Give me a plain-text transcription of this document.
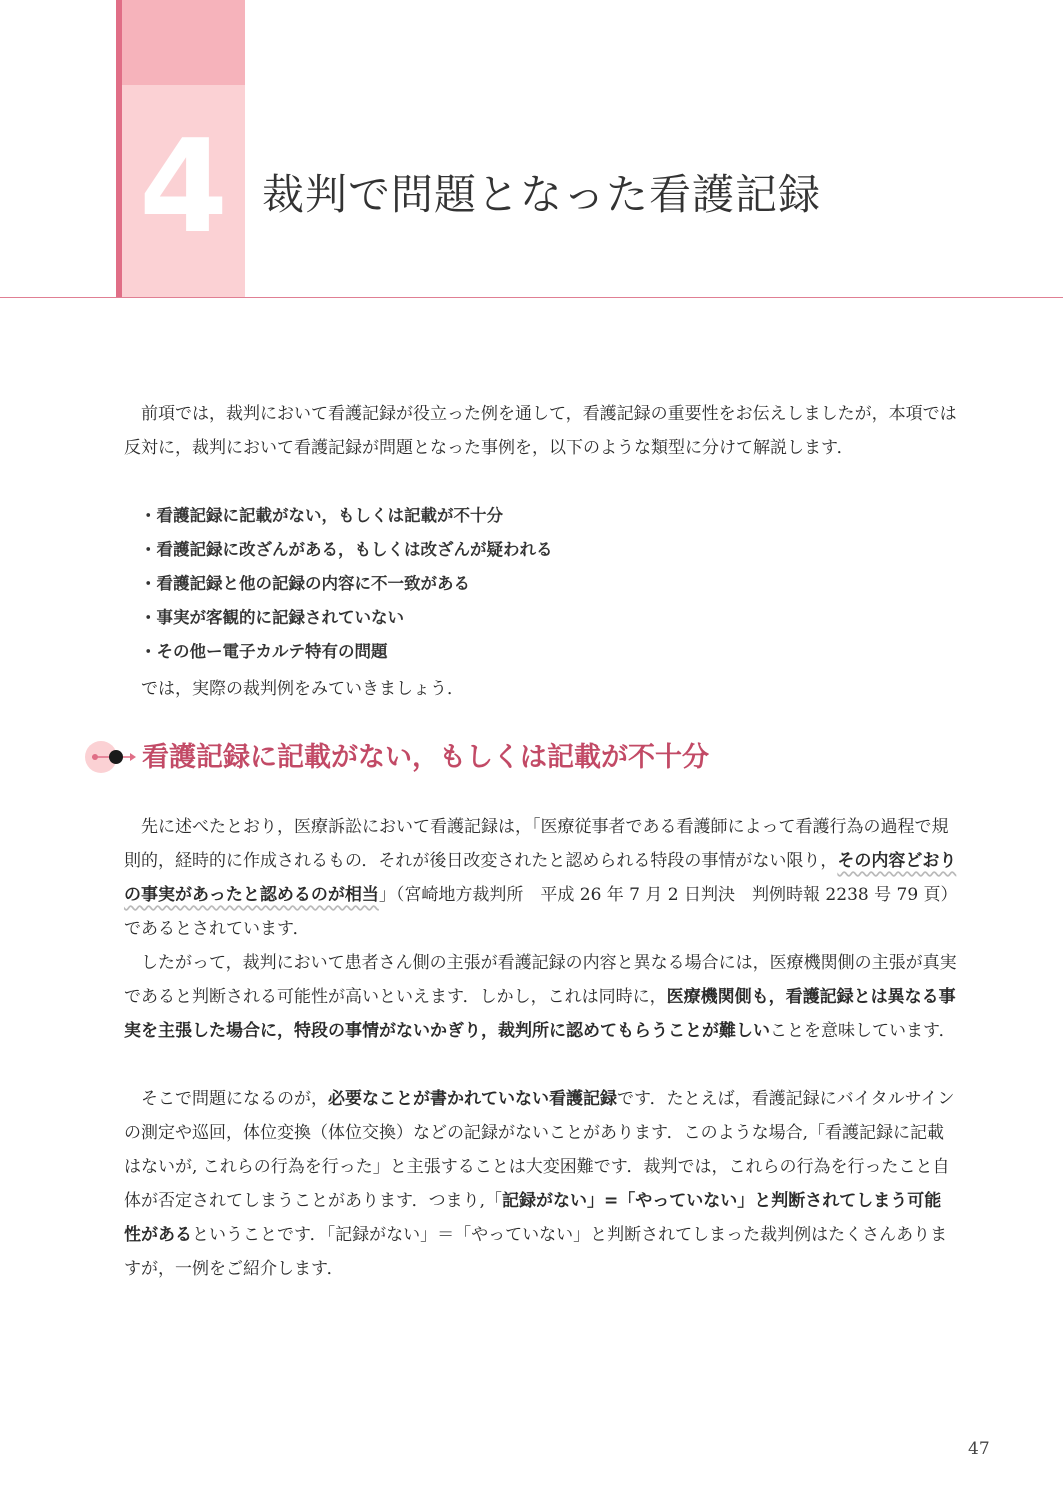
4 裁判で問題となった看護記録
前項では，裁判において看護記録が役立った例を通して，看護記録の重要性をお伝えしましたが，本項では反対に，裁判において看護記録が問題となった事例を，以下のような類型に分けて解説します．
・看護記録に記載がない，もしくは記載が不十分
・看護記録に改ざんがある，もしくは改ざんが疑われる
・看護記録と他の記録の内容に不一致がある
・事実が客観的に記録されていない
・その他ー電子カルテ特有の問題
では，実際の裁判例をみていきましょう．
看護記録に記載がない，もしくは記載が不十分
先に述べたとおり，医療訴訟において看護記録は，「医療従事者である看護師によって看護行為の過程で規則的，経時的に作成されるもの．それが後日改変されたと認められる特段の事情がない限り，その内容どおりの事実があったと認めるのが相当」（宮崎地方裁判所　平成 26 年 7 月 2 日判決　判例時報 2238 号 79 頁）であるとされています．
したがって，裁判において患者さん側の主張が看護記録の内容と異なる場合には，医療機関側の主張が真実であると判断される可能性が高いといえます．しかし，これは同時に，医療機関側も，看護記録とは異なる事実を主張した場合に，特段の事情がないかぎり，裁判所に認めてもらうことが難しいことを意味しています．
そこで問題になるのが，必要なことが書かれていない看護記録です．たとえば，看護記録にバイタルサインの測定や巡回，体位変換（体位交換）などの記録がないことがあります．このような場合,「看護記録に記載はないが, これらの行為を行った」と主張することは大変困難です．裁判では，これらの行為を行ったこと自体が否定されてしまうことがあります．つまり,「記録がない」=「やっていない」と判断されてしまう可能性があるということです．「記録がない」＝「やっていない」と判断されてしまった裁判例はたくさんありますが，一例をご紹介します．
47
